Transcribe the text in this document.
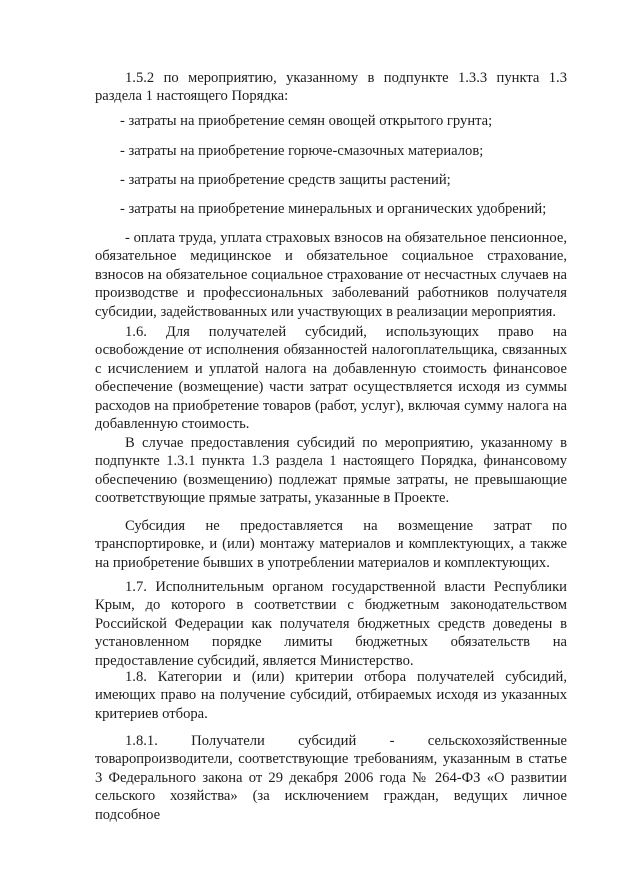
1.5.2 по мероприятию, указанному в подпункте 1.3.3 пункта 1.3 раздела 1 настоящего Порядка:

- затраты на приобретение семян овощей открытого грунта;

- затраты на приобретение горюче-смазочных материалов;

- затраты на приобретение средств защиты растений;

- затраты на приобретение минеральных и органических удобрений;

- оплата труда, уплата страховых взносов на обязательное пенсионное, обязательное медицинское и обязательное социальное страхование, взносов на обязательное социальное страхование от несчастных случаев на производстве и профессиональных заболеваний работников получателя субсидии, задействованных или участвующих в реализации мероприятия.

1.6. Для получателей субсидий, использующих право на освобождение от исполнения обязанностей налогоплательщика, связанных с исчислением и уплатой налога на добавленную стоимость финансовое обеспечение (возмещение) части затрат осуществляется исходя из суммы расходов на приобретение товаров (работ, услуг), включая сумму налога на добавленную стоимость.

В случае предоставления субсидий по мероприятию, указанному в подпункте 1.3.1 пункта 1.3 раздела 1 настоящего Порядка, финансовому обеспечению (возмещению) подлежат прямые затраты, не превышающие соответствующие прямые затраты, указанные в Проекте.

Субсидия не предоставляется на возмещение затрат по транспортировке, и (или) монтажу материалов и комплектующих, а также на приобретение бывших в употреблении материалов и комплектующих.

1.7. Исполнительным органом государственной власти Республики Крым, до которого в соответствии с бюджетным законодательством Российской Федерации как получателя бюджетных средств доведены в установленном порядке лимиты бюджетных обязательств на предоставление субсидий, является Министерство.

1.8. Категории и (или) критерии отбора получателей субсидий, имеющих право на получение субсидий, отбираемых исходя из указанных критериев отбора.

1.8.1. Получатели субсидий - сельскохозяйственные товаропроизводители, соответствующие требованиям, указанным в статье 3 Федерального закона от 29 декабря 2006 года № 264-ФЗ «О развитии сельского хозяйства» (за исключением граждан, ведущих личное подсобное
